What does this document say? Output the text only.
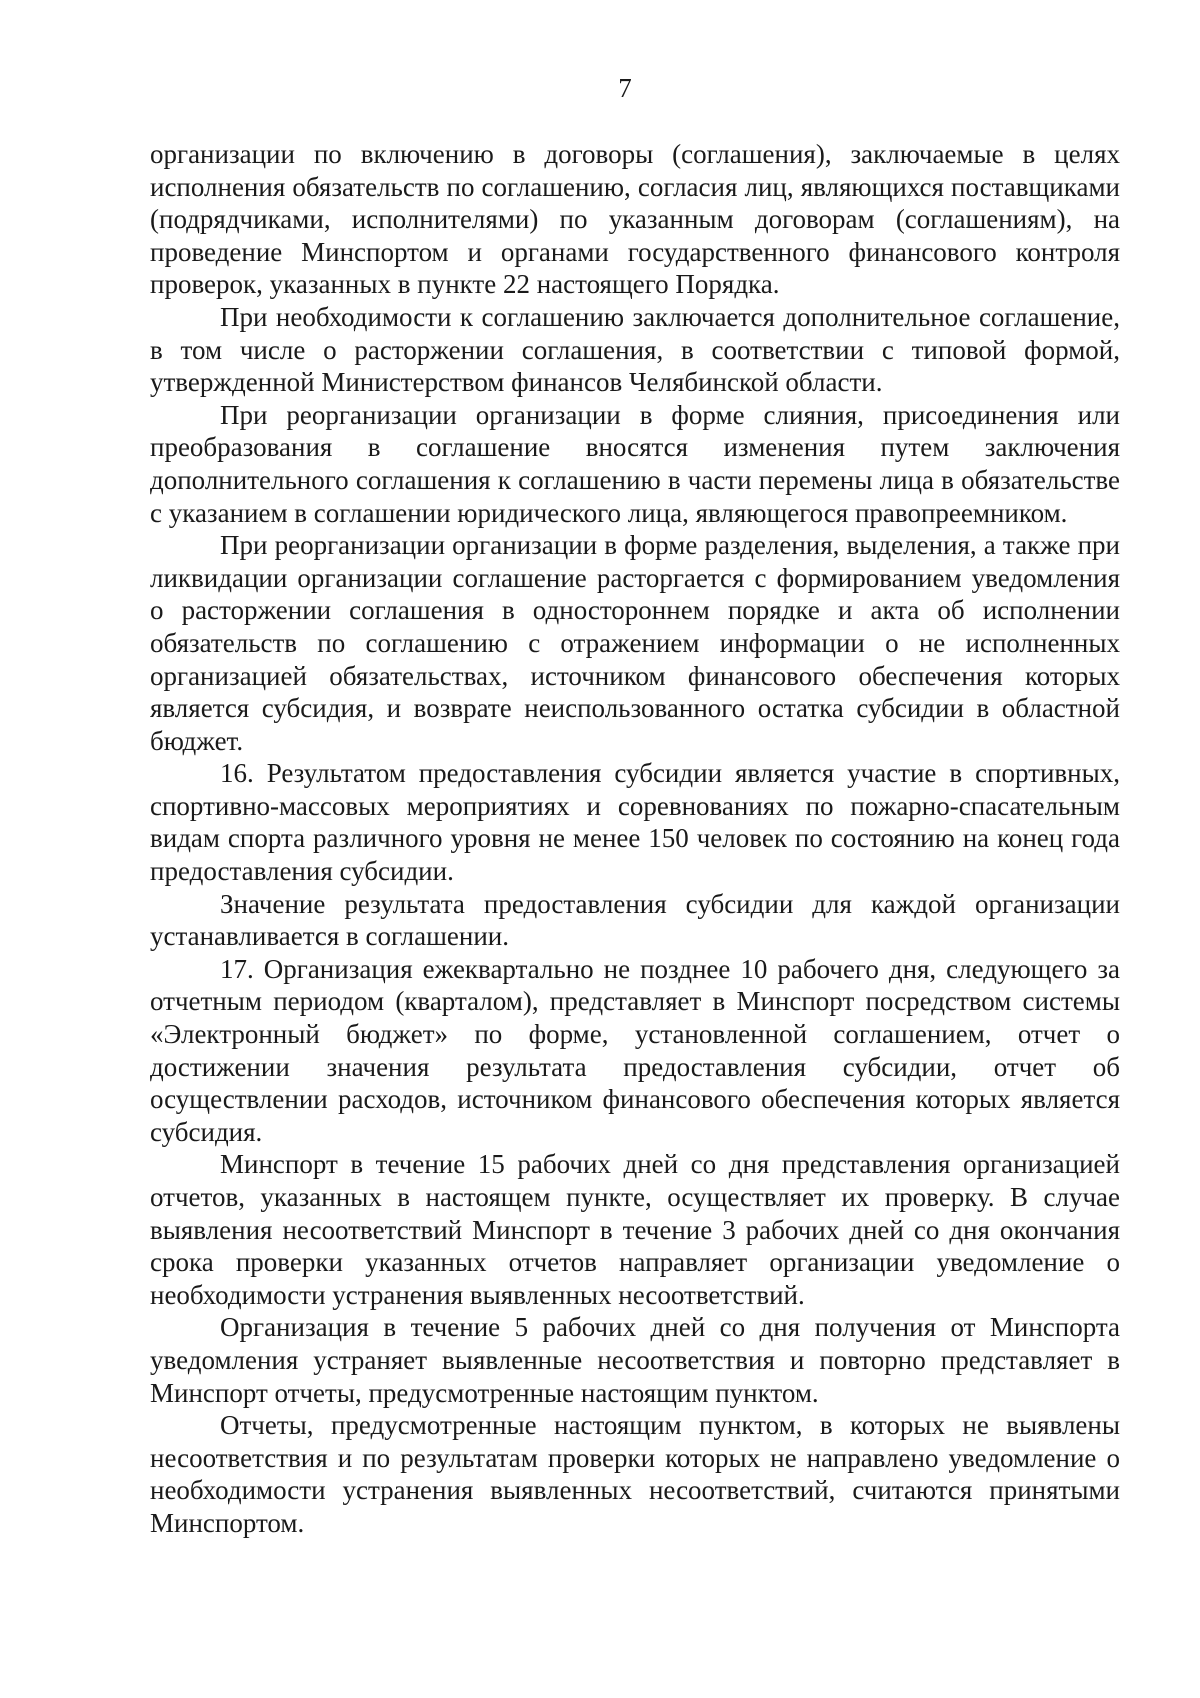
7

организации по включению в договоры (соглашения), заключаемые в целях исполнения обязательств по соглашению, согласия лиц, являющихся поставщиками (подрядчиками, исполнителями) по указанным договорам (соглашениям), на проведение Минспортом и органами государственного финансового контроля проверок, указанных в пункте 22 настоящего Порядка.

При необходимости к соглашению заключается дополнительное соглашение, в том числе о расторжении соглашения, в соответствии с типовой формой, утвержденной Министерством финансов Челябинской области.

При реорганизации организации в форме слияния, присоединения или преобразования в соглашение вносятся изменения путем заключения дополнительного соглашения к соглашению в части перемены лица в обязательстве с указанием в соглашении юридического лица, являющегося правопреемником.

При реорганизации организации в форме разделения, выделения, а также при ликвидации организации соглашение расторгается с формированием уведомления о расторжении соглашения в одностороннем порядке и акта об исполнении обязательств по соглашению с отражением информации о не исполненных организацией обязательствах, источником финансового обеспечения которых является субсидия, и возврате неиспользованного остатка субсидии в областной бюджет.

16. Результатом предоставления субсидии является участие в спортивных, спортивно-массовых мероприятиях и соревнованиях по пожарно-спасательным видам спорта различного уровня не менее 150 человек по состоянию на конец года предоставления субсидии.

Значение результата предоставления субсидии для каждой организации устанавливается в соглашении.

17. Организация ежеквартально не позднее 10 рабочего дня, следующего за отчетным периодом (кварталом), представляет в Минспорт посредством системы «Электронный бюджет» по форме, установленной соглашением, отчет о достижении значения результата предоставления субсидии, отчет об осуществлении расходов, источником финансового обеспечения которых является субсидия.

Минспорт в течение 15 рабочих дней со дня представления организацией отчетов, указанных в настоящем пункте, осуществляет их проверку. В случае выявления несоответствий Минспорт в течение 3 рабочих дней со дня окончания срока проверки указанных отчетов направляет организации уведомление о необходимости устранения выявленных несоответствий.

Организация в течение 5 рабочих дней со дня получения от Минспорта уведомления устраняет выявленные несоответствия и повторно представляет в Минспорт отчеты, предусмотренные настоящим пунктом.

Отчеты, предусмотренные настоящим пунктом, в которых не выявлены несоответствия и по результатам проверки которых не направлено уведомление о необходимости устранения выявленных несоответствий, считаются принятыми Минспортом.
